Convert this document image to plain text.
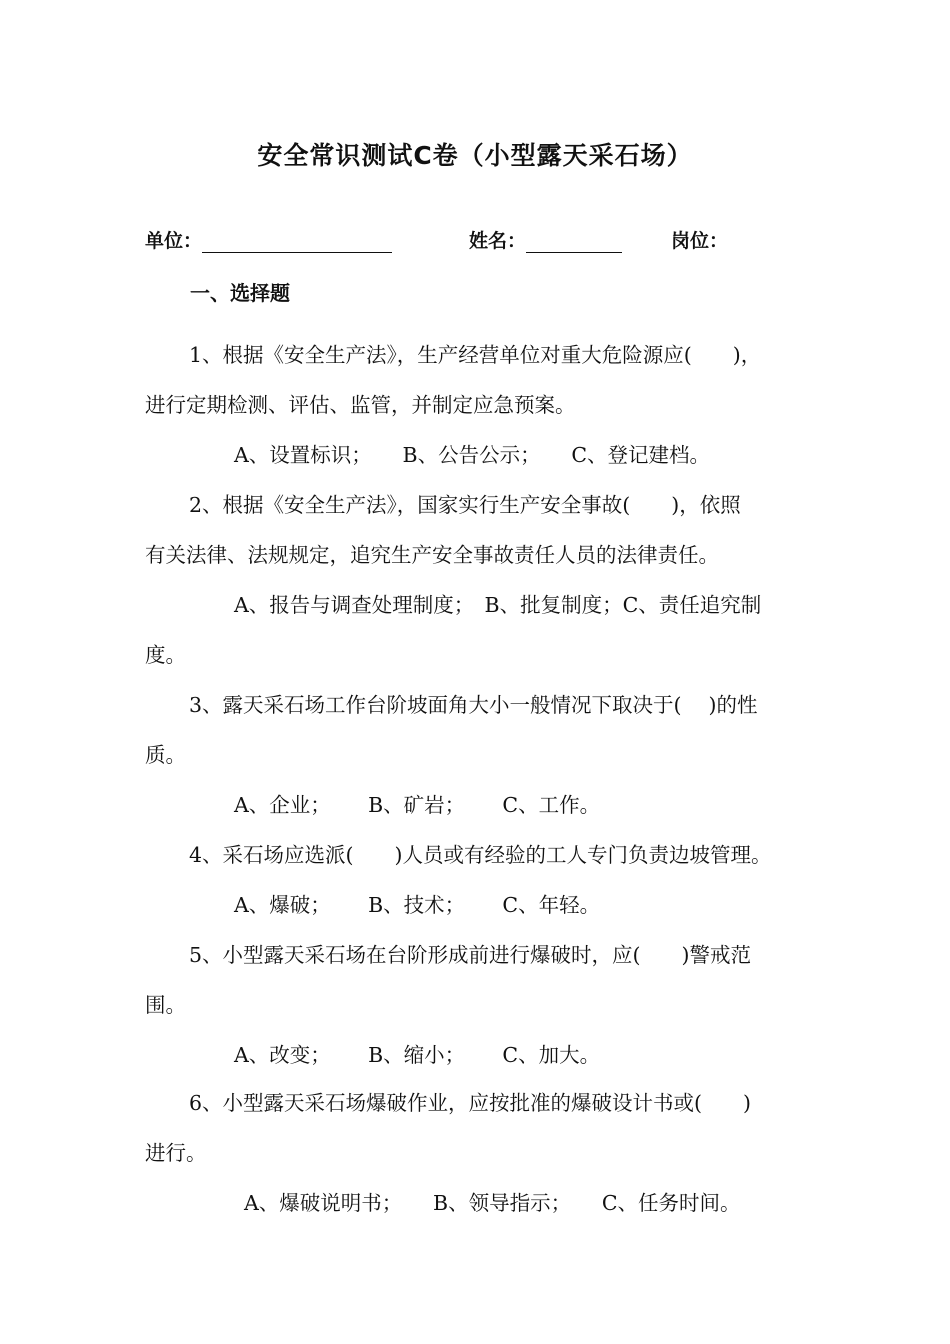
安全常识测试C卷（小型露天采石场）
单位：	姓名：	岗位：
一、选择题
1、根据《安全生产法》，生产经营单位对重大危险源应(　　)，
进行定期检测、评估、监管，并制定应急预案。
A、设置标识；　　B、公告公示；　　C、登记建档。
2、根据《安全生产法》，国家实行生产安全事故(　　)，依照
有关法律、法规规定，追究生产安全事故责任人员的法律责任。
A、报告与调查处理制度；　B、批复制度；C、责任追究制
度。
3、露天采石场工作台阶坡面角大小一般情况下取决于(　 )的性
质。
A、企业；　　 B、矿岩；　　 C、工作。
4、采石场应选派(　　)人员或有经验的工人专门负责边坡管理。
A、爆破；　　 B、技术；　　 C、年轻。
5、小型露天采石场在台阶形成前进行爆破时，应(　　)警戒范
围。
A、改变；　　 B、缩小；　　 C、加大。
6、小型露天采石场爆破作业，应按批准的爆破设计书或(　　)
进行。
A、爆破说明书；　　B、领导指示；　　C、任务时间。
